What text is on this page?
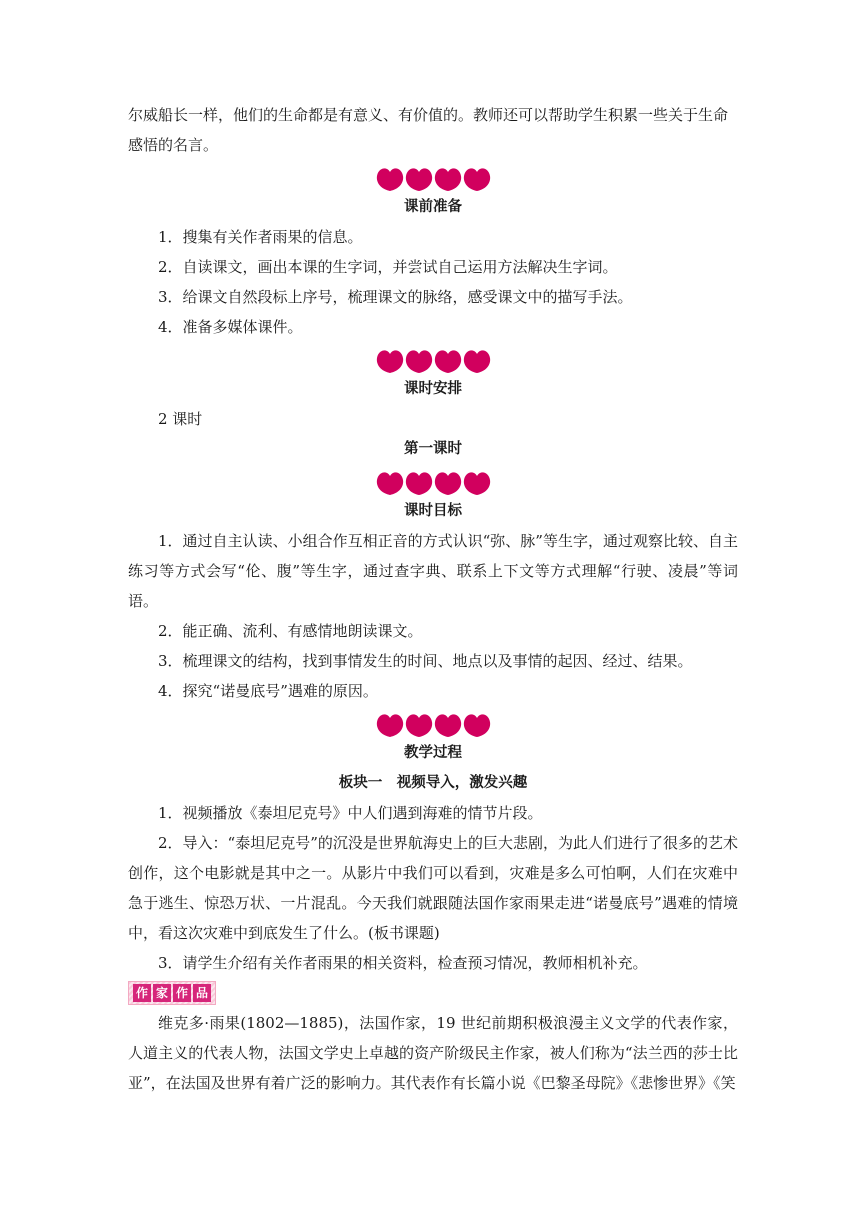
尔威船长一样，他们的生命都是有意义、有价值的。教师还可以帮助学生积累一些关于生命

感悟的名言。

课前准备

1．搜集有关作者雨果的信息。

2．自读课文，画出本课的生字词，并尝试自己运用方法解决生字词。

3．给课文自然段标上序号，梳理课文的脉络，感受课文中的描写手法。

4．准备多媒体课件。

课时安排

2 课时

第一课时

课时目标

1．通过自主认读、小组合作互相正音的方式认识“弥、脉”等生字，通过观察比较、自主练习等方式会写“伦、腹”等生字，通过查字典、联系上下文等方式理解“行驶、凌晨”等词语。

2．能正确、流利、有感情地朗读课文。

3．梳理课文的结构，找到事情发生的时间、地点以及事情的起因、经过、结果。

4．探究“诺曼底号”遇难的原因。

教学过程

板块一　视频导入，激发兴趣

1．视频播放《泰坦尼克号》中人们遇到海难的情节片段。

2．导入：“泰坦尼克号”的沉没是世界航海史上的巨大悲剧，为此人们进行了很多的艺术创作，这个电影就是其中之一。从影片中我们可以看到，灾难是多么可怕啊，人们在灾难中急于逃生、惊恐万状、一片混乱。今天我们就跟随法国作家雨果走进“诺曼底号”遇难的情境中，看这次灾难中到底发生了什么。(板书课题)

3．请学生介绍有关作者雨果的相关资料，检查预习情况，教师相机补充。

作 家 作 品

维克多·雨果(1802—1885)，法国作家，19 世纪前期积极浪漫主义文学的代表作家，人道主义的代表人物，法国文学史上卓越的资产阶级民主作家，被人们称为“法兰西的莎士比亚”，在法国及世界有着广泛的影响力。其代表作有长篇小说《巴黎圣母院》《悲惨世界》《笑
